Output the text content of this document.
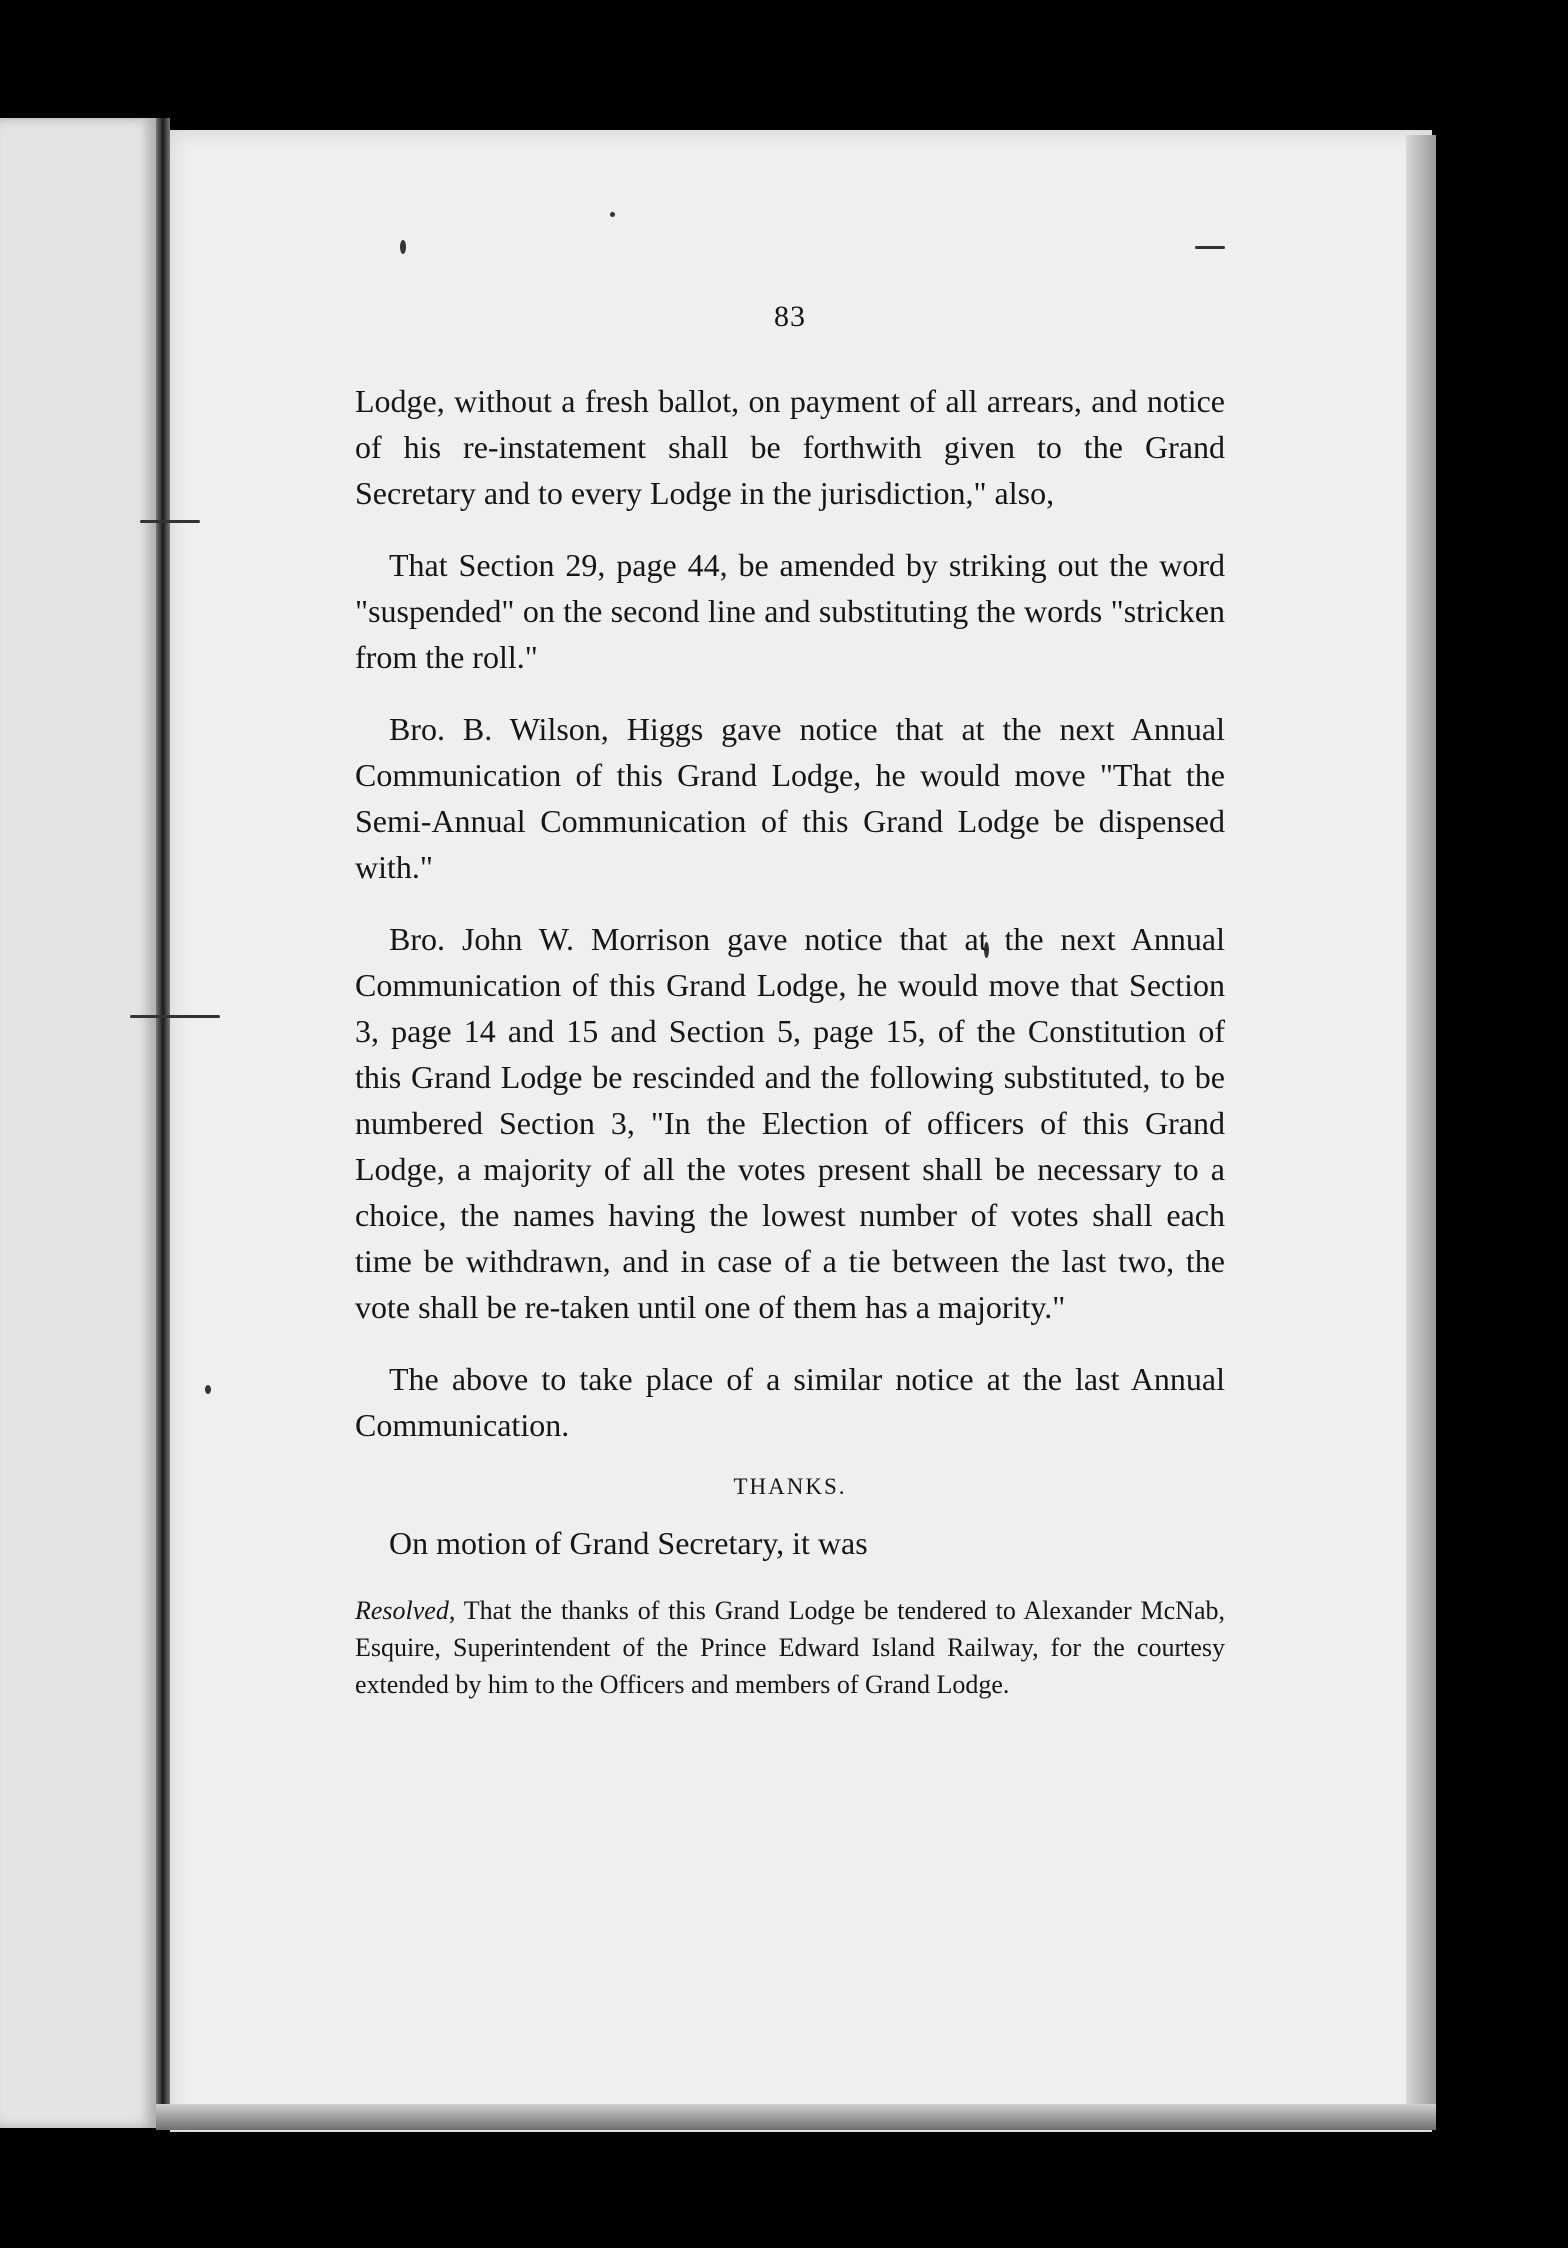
83

Lodge, without a fresh ballot, on payment of all arrears, and notice of his re-instatement shall be forthwith given to the Grand Secretary and to every Lodge in the jurisdiction," also,

That Section 29, page 44, be amended by striking out the word "suspended" on the second line and substituting the words "stricken from the roll."

Bro. B. Wilson, Higgs gave notice that at the next Annual Communication of this Grand Lodge, he would move "That the Semi-Annual Communication of this Grand Lodge be dispensed with."

Bro. John W. Morrison gave notice that at the next Annual Communication of this Grand Lodge, he would move that Section 3, page 14 and 15 and Section 5, page 15, of the Constitution of this Grand Lodge be rescinded and the following substituted, to be numbered Section 3, "In the Election of officers of this Grand Lodge, a majority of all the votes present shall be necessary to a choice, the names having the lowest number of votes shall each time be withdrawn, and in case of a tie between the last two, the vote shall be re-taken until one of them has a majority."

The above to take place of a similar notice at the last Annual Communication.

THANKS.

On motion of Grand Secretary, it was

Resolved, That the thanks of this Grand Lodge be tendered to Alexander McNab, Esquire, Superintendent of the Prince Edward Island Railway, for the courtesy extended by him to the Officers and members of Grand Lodge.
